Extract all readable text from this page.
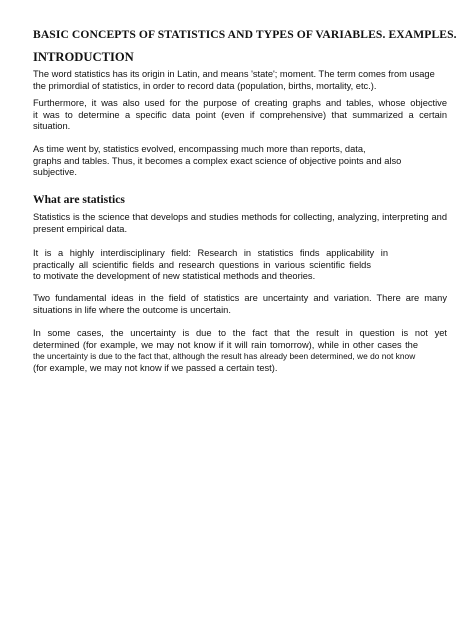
BASIC CONCEPTS OF STATISTICS AND TYPES OF VARIABLES. EXAMPLES.
INTRODUCTION

The word statistics has its origin in Latin, and means 'state'; moment. The term comes from usage
the primordial of statistics, in order to record data (population, births, mortality, etc.).

Furthermore, it was also used for the purpose of creating graphs and tables, whose objective
it was to determine a specific data point (even if comprehensive) that summarized a certain
situation.

As time went by, statistics evolved, encompassing much more than reports, data,
graphs and tables. Thus, it becomes a complex exact science of objective points and also
subjective.

What are statistics

Statistics is the science that develops and studies methods for collecting, analyzing, interpreting and
present empirical data.

It is a highly interdisciplinary field: Research in statistics finds applicability in
practically all scientific fields and research questions in various scientific fields
to motivate the development of new statistical methods and theories.

Two fundamental ideas in the field of statistics are uncertainty and variation. There are many
situations in life where the outcome is uncertain.

In some cases, the uncertainty is due to the fact that the result in question is not yet
determined (for example, we may not know if it will rain tomorrow), while in other cases the
the uncertainty is due to the fact that, although the result has already been determined, we do not know
(for example, we may not know if we passed a certain test).
